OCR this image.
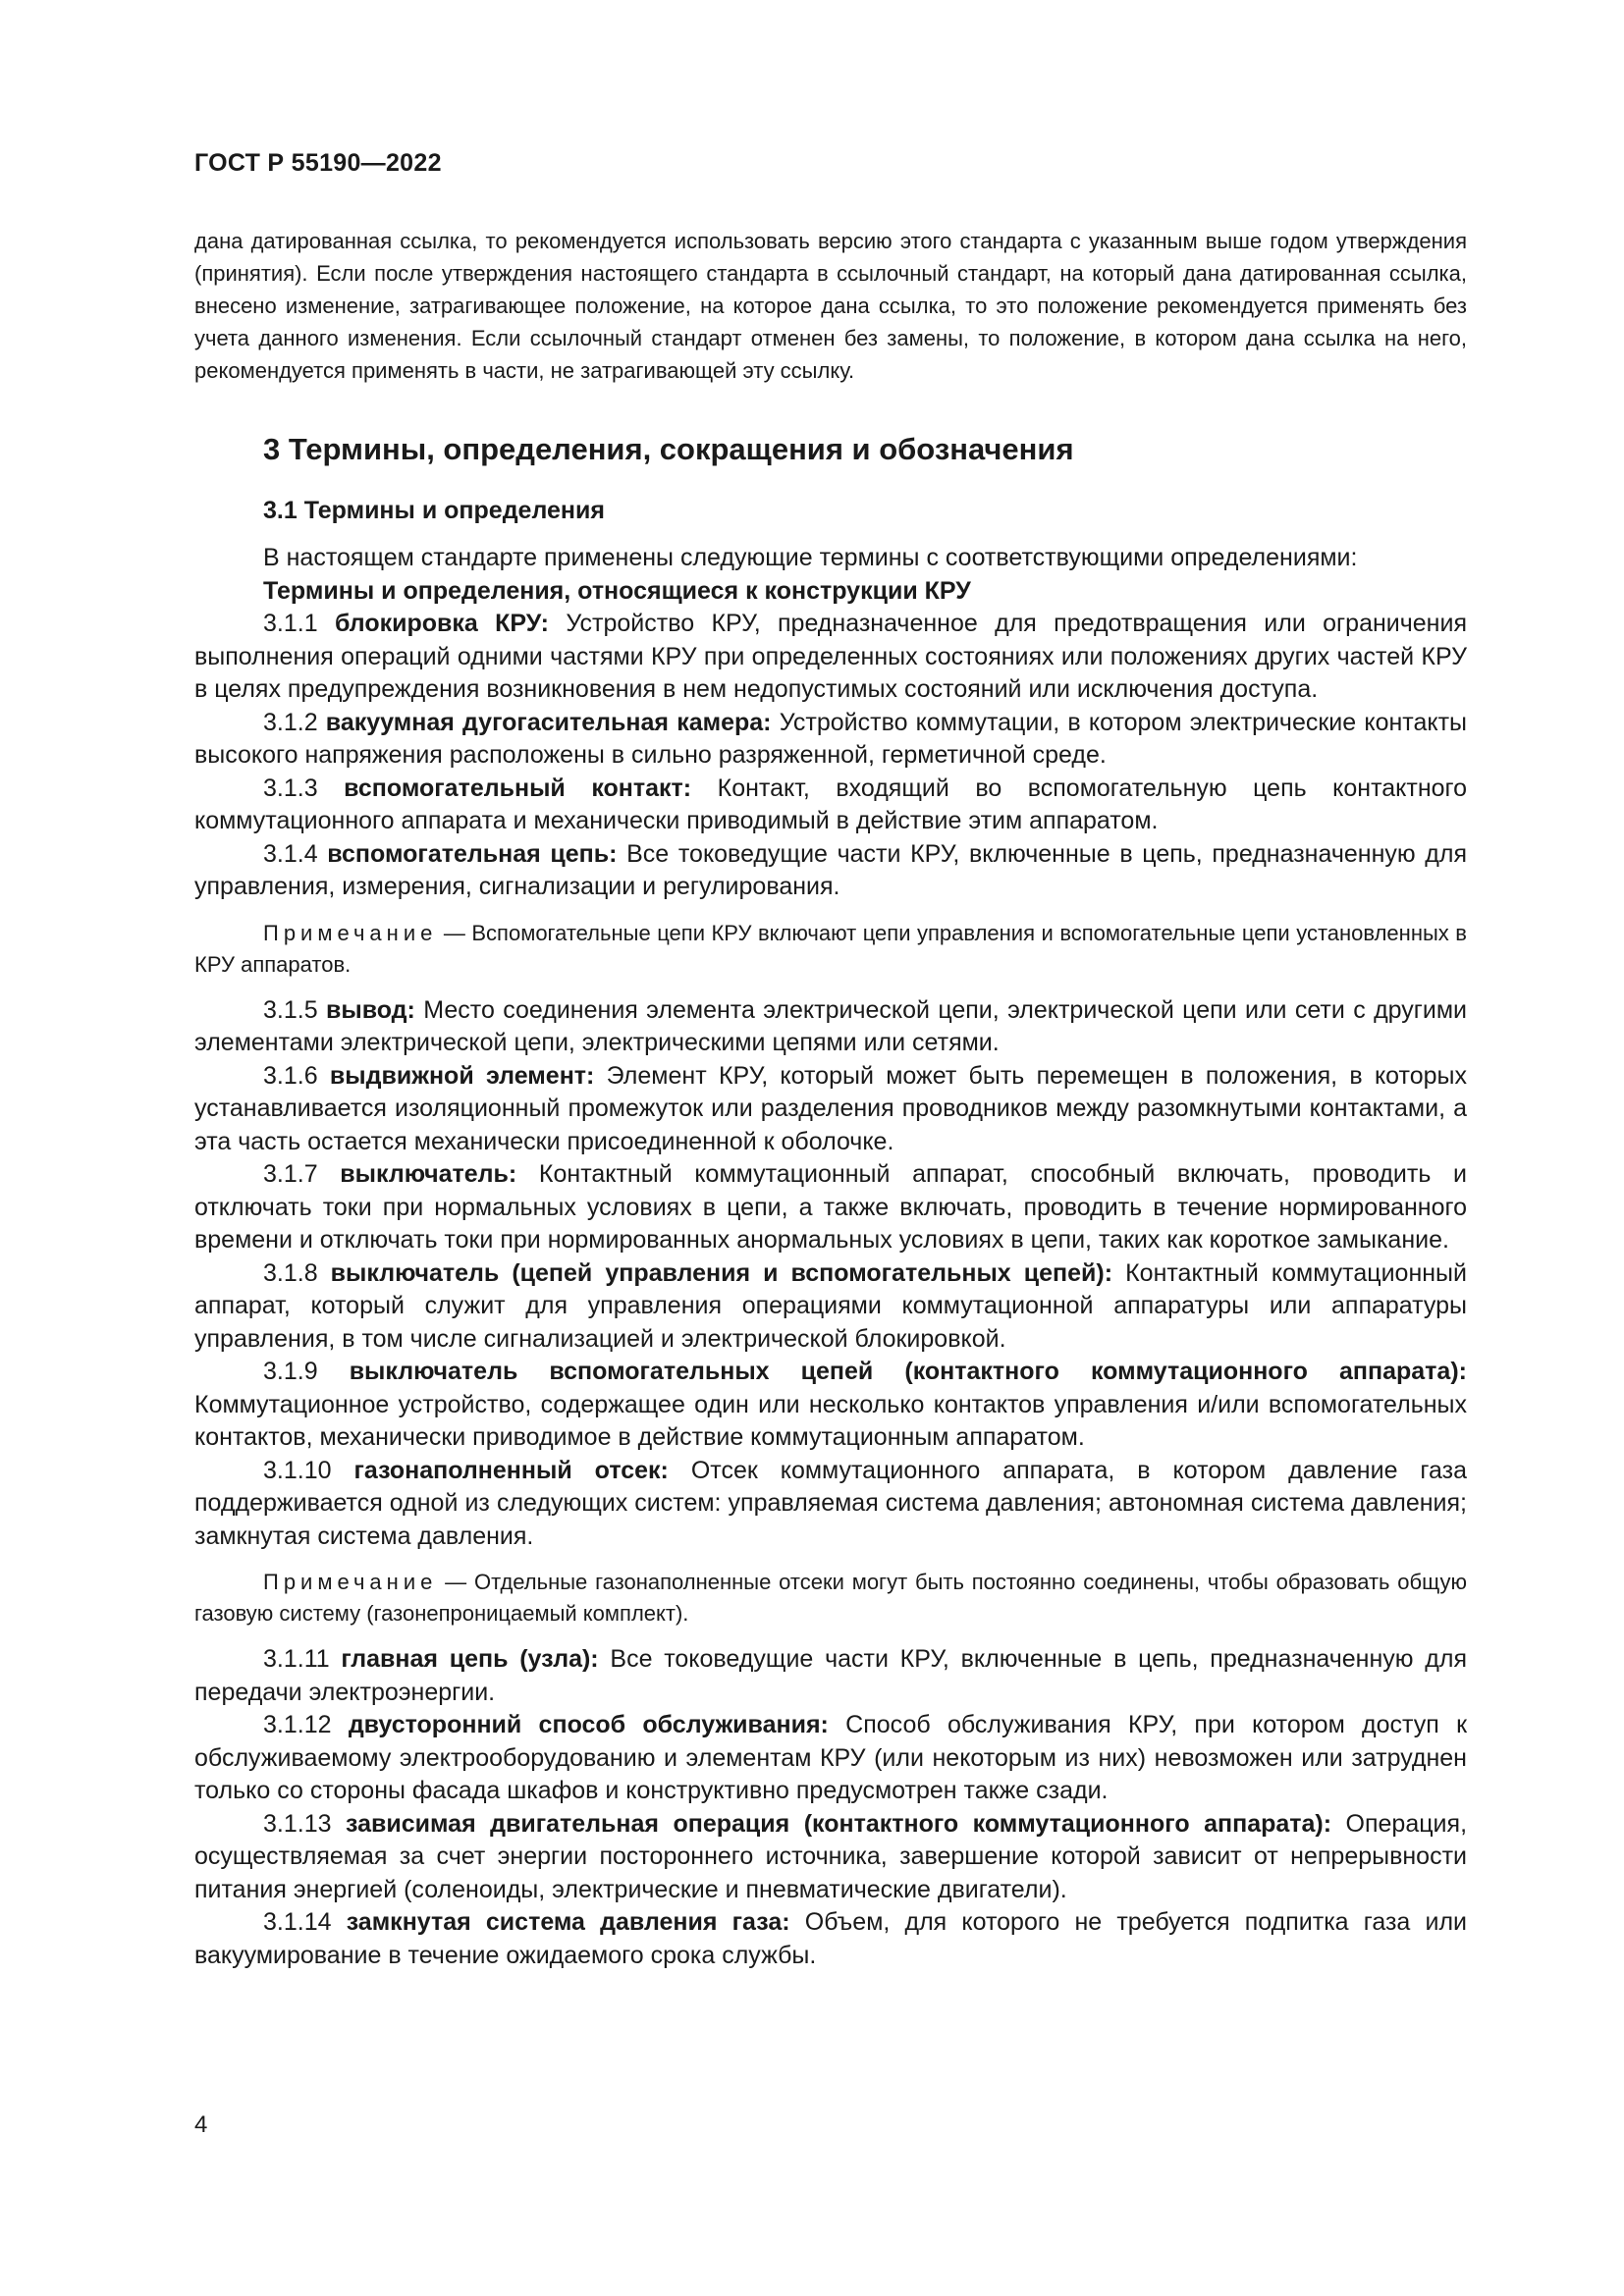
ГОСТ Р 55190—2022

дана датированная ссылка, то рекомендуется использовать версию этого стандарта с указанным выше годом утверждения (принятия). Если после утверждения настоящего стандарта в ссылочный стандарт, на который дана датированная ссылка, внесено изменение, затрагивающее положение, на которое дана ссылка, то это положение рекомендуется применять без учета данного изменения. Если ссылочный стандарт отменен без замены, то положение, в котором дана ссылка на него, рекомендуется применять в части, не затрагивающей эту ссылку.

3 Термины, определения, сокращения и обозначения
3.1 Термины и определения

В настоящем стандарте применены следующие термины с соответствующими определениями:

Термины и определения, относящиеся к конструкции КРУ

3.1.1 блокировка КРУ: Устройство КРУ, предназначенное для предотвращения или ограничения выполнения операций одними частями КРУ при определенных состояниях или положениях других частей КРУ в целях предупреждения возникновения в нем недопустимых состояний или исключения доступа.

3.1.2 вакуумная дугогасительная камера: Устройство коммутации, в котором электрические контакты высокого напряжения расположены в сильно разряженной, герметичной среде.

3.1.3 вспомогательный контакт: Контакт, входящий во вспомогательную цепь контактного коммутационного аппарата и механически приводимый в действие этим аппаратом.

3.1.4 вспомогательная цепь: Все токоведущие части КРУ, включенные в цепь, предназначенную для управления, измерения, сигнализации и регулирования.

Примечание — Вспомогательные цепи КРУ включают цепи управления и вспомогательные цепи установленных в КРУ аппаратов.

3.1.5 вывод: Место соединения элемента электрической цепи, электрической цепи или сети с другими элементами электрической цепи, электрическими цепями или сетями.

3.1.6 выдвижной элемент: Элемент КРУ, который может быть перемещен в положения, в которых устанавливается изоляционный промежуток или разделения проводников между разомкнутыми контактами, а эта часть остается механически присоединенной к оболочке.

3.1.7 выключатель: Контактный коммутационный аппарат, способный включать, проводить и отключать токи при нормальных условиях в цепи, а также включать, проводить в течение нормированного времени и отключать токи при нормированных анормальных условиях в цепи, таких как короткое замыкание.

3.1.8 выключатель (цепей управления и вспомогательных цепей): Контактный коммутационный аппарат, который служит для управления операциями коммутационной аппаратуры или аппаратуры управления, в том числе сигнализацией и электрической блокировкой.

3.1.9 выключатель вспомогательных цепей (контактного коммутационного аппарата): Коммутационное устройство, содержащее один или несколько контактов управления и/или вспомогательных контактов, механически приводимое в действие коммутационным аппаратом.

3.1.10 газонаполненный отсек: Отсек коммутационного аппарата, в котором давление газа поддерживается одной из следующих систем: управляемая система давления; автономная система давления; замкнутая система давления.

Примечание — Отдельные газонаполненные отсеки могут быть постоянно соединены, чтобы образовать общую газовую систему (газонепроницаемый комплект).

3.1.11 главная цепь (узла): Все токоведущие части КРУ, включенные в цепь, предназначенную для передачи электроэнергии.

3.1.12 двусторонний способ обслуживания: Способ обслуживания КРУ, при котором доступ к обслуживаемому электрооборудованию и элементам КРУ (или некоторым из них) невозможен или затруднен только со стороны фасада шкафов и конструктивно предусмотрен также сзади.

3.1.13 зависимая двигательная операция (контактного коммутационного аппарата): Операция, осуществляемая за счет энергии постороннего источника, завершение которой зависит от непрерывности питания энергией (соленоиды, электрические и пневматические двигатели).

3.1.14 замкнутая система давления газа: Объем, для которого не требуется подпитка газа или вакуумирование в течение ожидаемого срока службы.

4
